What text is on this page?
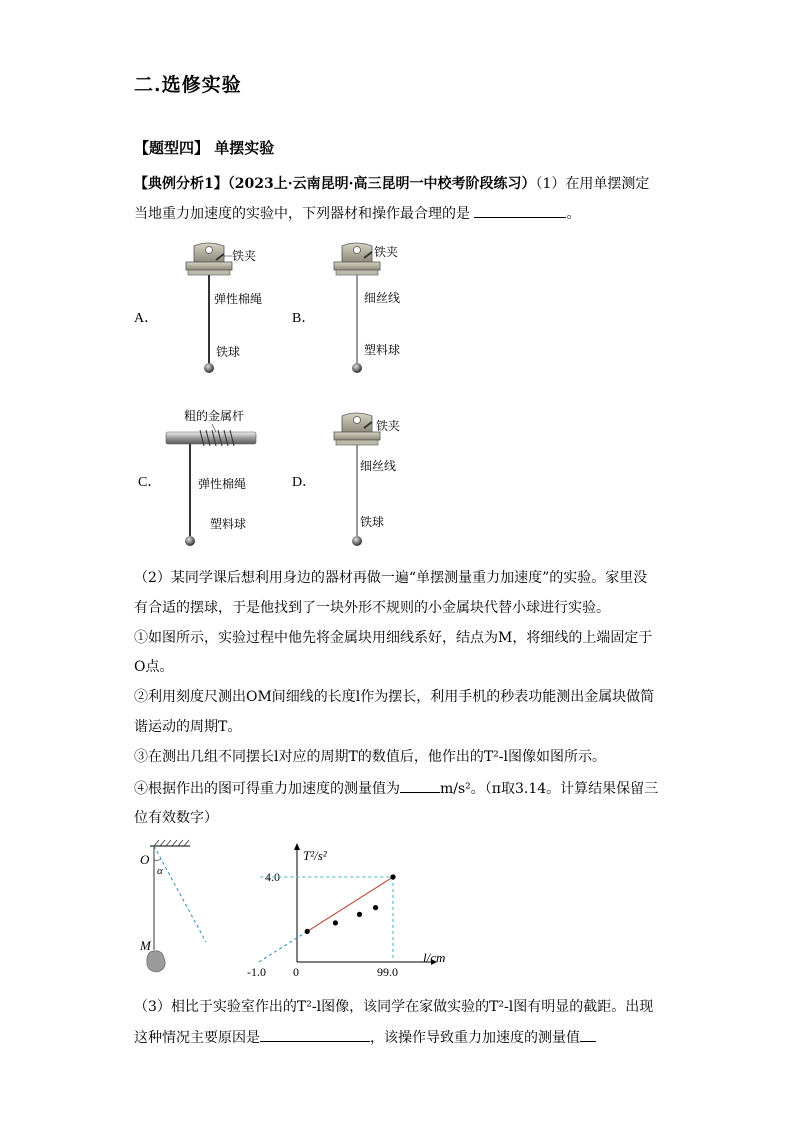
二.选修实验
【题型四】 单摆实验
【典例分析1】（2023上·云南昆明·高三昆明一中校考阶段练习）（1）在用单摆测定
当地重力加速度的实验中，下列器材和操作最合理的是	。
A．
铁夹
弹性棉绳
铁球
B．
铁夹
细丝线
塑料球
C．
粗的金属杆
弹性棉绳
塑料球
D．
铁夹
细丝线
铁球
（2）某同学课后想利用身边的器材再做一遍“单摆测量重力加速度”的实验。家里没
有合适的摆球，于是他找到了一块外形不规则的小金属块代替小球进行实验。
①如图所示，实验过程中他先将金属块用细线系好，结点为M，将细线的上端固定于
O点。
②利用刻度尺测出OM间细线的长度l作为摆长，利用手机的秒表功能测出金属块做简
谐运动的周期T。
③在测出几组不同摆长l对应的周期T的数值后，他作出的T²-l图像如图所示。
④根据作出的图可得重力加速度的测量值为	m/s²。（π取3.14。计算结果保留三
位有效数字）
O
α
M
T²/s²
l/cm
4.0
-1.0 0	99.0
（3）相比于实验室作出的T²-l图像，该同学在家做实验的T²-l图有明显的截距。出现
这种情况主要原因是	，该操作导致重力加速度的测量值
